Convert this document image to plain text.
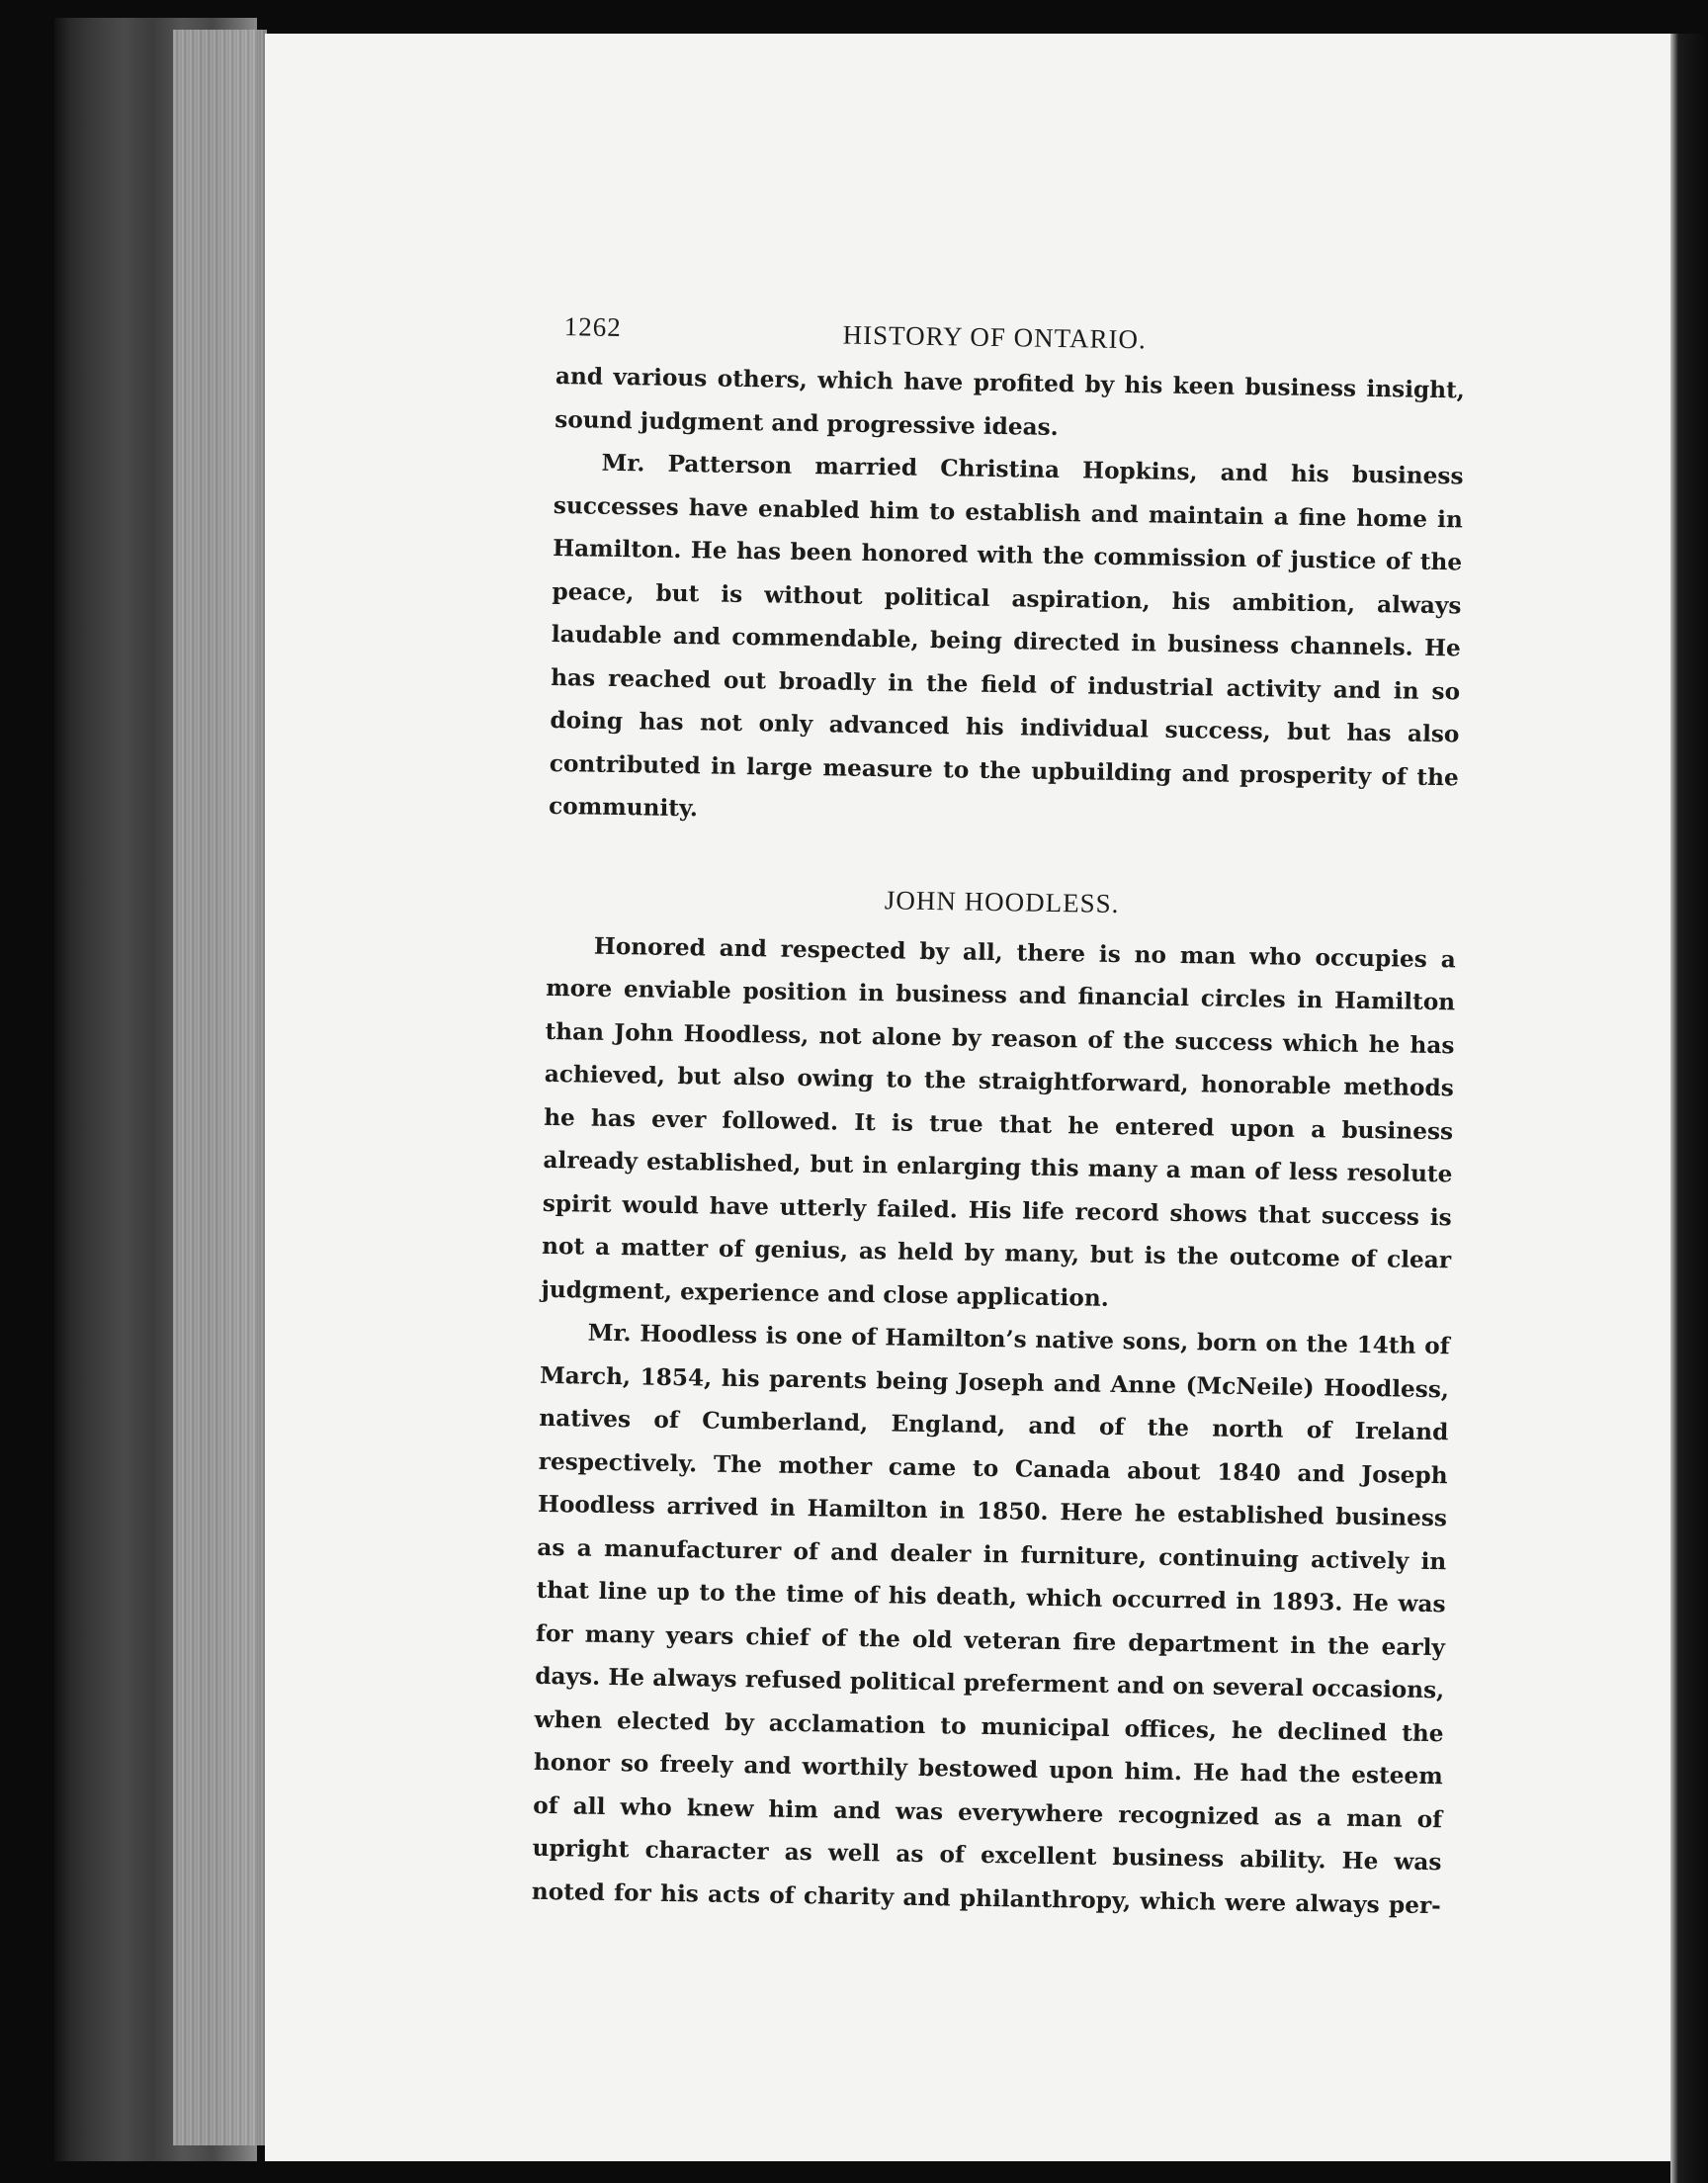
1262	HISTORY OF ONTARIO.

and various others, which have profited by his keen business insight, sound judgment and progressive ideas.

Mr. Patterson married Christina Hopkins, and his business successes have enabled him to establish and maintain a fine home in Hamilton. He has been honored with the commission of justice of the peace, but is without political aspiration, his ambition, always laudable and commendable, being directed in business channels. He has reached out broadly in the field of industrial activity and in so doing has not only advanced his individual success, but has also contributed in large measure to the upbuilding and prosperity of the community.

JOHN HOODLESS.

Honored and respected by all, there is no man who occupies a more enviable position in business and financial circles in Hamilton than John Hoodless, not alone by reason of the success which he has achieved, but also owing to the straightforward, honorable methods he has ever followed. It is true that he entered upon a business already established, but in enlarging this many a man of less resolute spirit would have utterly failed. His life record shows that success is not a matter of genius, as held by many, but is the outcome of clear judgment, experience and close application.

Mr. Hoodless is one of Hamilton’s native sons, born on the 14th of March, 1854, his parents being Joseph and Anne (McNeile) Hoodless, natives of Cumberland, England, and of the north of Ireland respectively. The mother came to Canada about 1840 and Joseph Hoodless arrived in Hamilton in 1850. Here he established business as a manufacturer of and dealer in furniture, continuing actively in that line up to the time of his death, which occurred in 1893. He was for many years chief of the old veteran fire department in the early days. He always refused political preferment and on several occasions, when elected by acclamation to municipal offices, he declined the honor so freely and worthily bestowed upon him. He had the esteem of all who knew him and was everywhere recognized as a man of upright character as well as of excellent business ability. He was noted for his acts of charity and philanthropy, which were always per-
